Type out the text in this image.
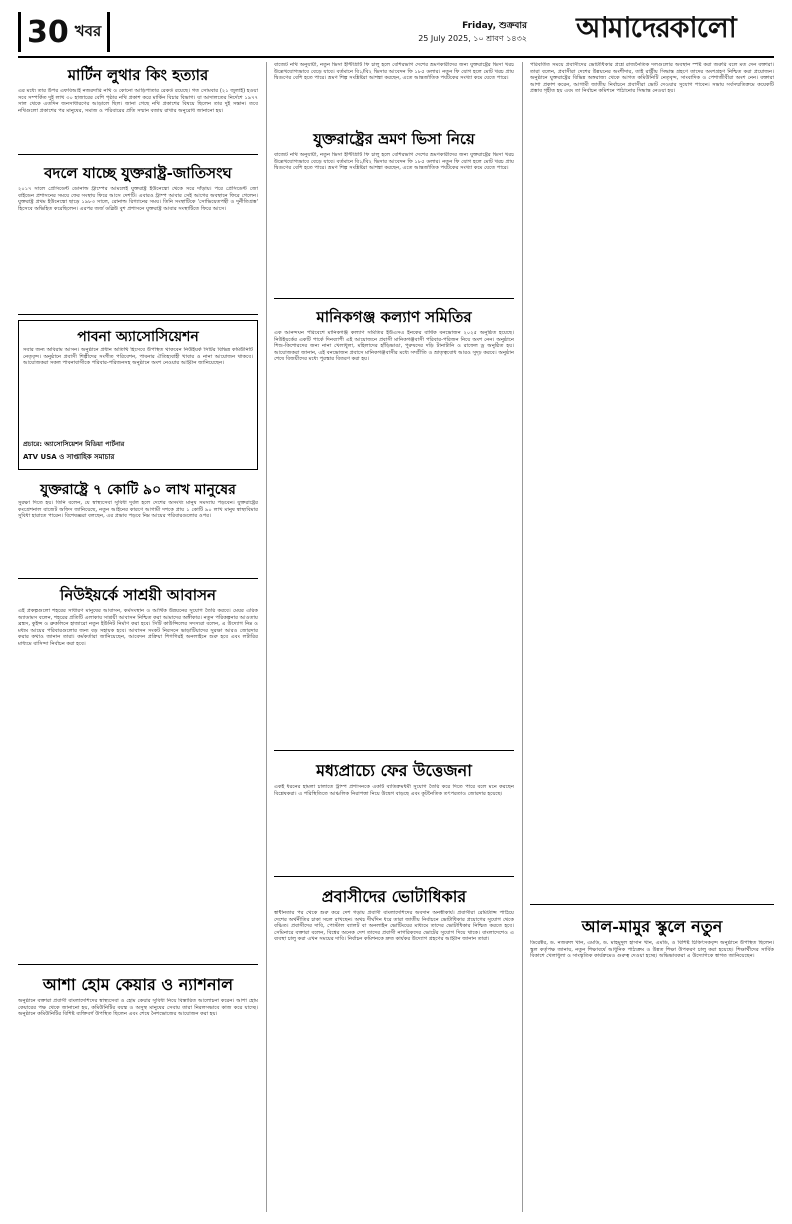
30 খবর	Friday, শুক্রবার
25 July 2025, ১০ শ্রাবণ ১৪৩২ আমাদেরকালো
মার্টিন লুথার কিং হত্যার
এর মধ্যে তার উপর এফবিআই নজরদারি নথি ও কোনো আড়িপাতার রেকর্ড রয়েছে। গত সোমবার (২১ জুলাই) হওয়া সবে সম্পর্কিত দুই লাখ ৩০ হাজারের বেশি পৃষ্ঠার নথি প্রকাশ করে মার্কিন বিচার বিভাগ। যা আদালতের নির্দেশে ১৯৭৭ সাল থেকে এতদিন জনসাধারণের আড়ালে ছিল। জানা গেছে নথি প্রকাশের বিষয়ে ছিলেন তার দুই সন্তান। তবে নথিগুলো প্রকাশের পর মানুষের, সমাজ ও পরিবারের প্রতি সম্মান বজায় রাখার অনুরোধ জানানো হয়।
বদলে যাচ্ছে যুক্তরাষ্ট্র-জাতিসংঘ
২০১৭ সালে প্রেসিডেন্ট ডোনাল্ড ট্রাম্পের আমলেই যুক্তরাষ্ট্র ইউনেস্কো থেকে সরে দাঁড়ায়। পরে প্রেসিডেন্ট জো বাইডেন প্রশাসনের সময়ে ফের সংস্থায় ফিরে আসে দেশটি। এবারও ট্রাম্প আবার সেই আগের অবস্থানে ফিরে গেলেন। যুক্তরাষ্ট্র প্রথম ইউনেস্কো ছাড়ে ১৯৮৩ সালে, রোনাল্ড রিগ্যানের সময়। তিনি সংস্থাটিকে 'সোভিয়েতপন্থী ও দুর্নীতিগ্রস্ত' হিসেবে অভিহিত করেছিলেন। এরপর জর্জ ডব্লিউ বুশ প্রশাসনে যুক্তরাষ্ট্র আবার সংস্থাটিতে ফিরে আসে।
পাবনা অ্যাসোসিয়েশন
সবার জন্য অবিরাম আসন। অনুষ্ঠানে প্রধান অতিথি হিসেবে উপস্থিত থাকবেন নিউইয়র্ক সিটির বিভিন্ন কমিউনিটি নেতৃবৃন্দ। অনুষ্ঠানে প্রবাসী শিল্পীদের সংগীত পরিবেশন, পাবনার ঐতিহ্যবাহী খাবার ও নানা আয়োজন থাকবে। আয়োজকরা সকল পাবনাবাসীকে পরিবার-পরিজনসহ অনুষ্ঠানে অংশ নেওয়ার আহ্বান জানিয়েছেন।
প্রচারে: অ্যাসোসিয়েশন মিডিয়া পার্টনার
ATV USA ও সাপ্তাহিক সমাচার
যুক্তরাষ্ট্রে ৭ কোটি ৯০ লাখ মানুষের
সুরক্ষা দিতে হয়। তিনি বলেন, যে স্বাস্থ্যসেবা সুবিধা দুর্বল হলে দেশের অসংখ্য মানুষ সমস্যায় পড়বেন। যুক্তরাষ্ট্রের কংগ্রেশনাল বাজেট অফিস জানিয়েছে, নতুন আইনের কারণে আগামী দশকে প্রায় ১ কোটি ৯০ লাখ মানুষ স্বাস্থ্যবিমার সুবিধা হারাতে পারেন। বিশেষজ্ঞরা বলছেন, এর প্রভাব পড়বে নিম্ন আয়ের পরিবারগুলোর ওপর।
নিউইয়র্কে সাশ্রয়ী আবাসন
এই প্রকল্পগুলো শহরের সাধারণ মানুষের আবাসন, কর্মসংস্থান ও আর্থিক উন্নয়নের সুযোগ তৈরি করবে। মেয়র এরিক অ্যাডামস বলেন, শহরের প্রতিটি এলাকায় সাশ্রয়ী আবাসন নিশ্চিত করা আমাদের অঙ্গীকার। নতুন পরিকল্পনার আওতায় ব্রঙ্কস, কুইন্স ও ব্রুকলিনে হাজারো নতুন ইউনিট নির্মাণ করা হবে। সিটি কাউন্সিলের সদস্যরা বলেন, এ উদ্যোগ নিম্ন ও মধ্যম আয়ের পরিবারগুলোর জন্য বড় সহায়ক হবে। আবাসন সংকট নিরসনে ভাড়াটিয়াদের সুরক্ষা আরও জোরদার করার কথাও জানান তারা। কর্মকর্তারা জানিয়েছেন, আবেদন প্রক্রিয়া শিগগিরই অনলাইনে শুরু হবে এবং লটারির মাধ্যমে বাসিন্দা নির্বাচন করা হবে।
আশা হোম কেয়ার ও ন্যাশনাল
অনুষ্ঠানে বক্তারা প্রবাসী বাংলাদেশিদের স্বাস্থ্যসেবা ও হোম কেয়ার সুবিধা নিয়ে বিস্তারিত আলোচনা করেন। আশা হোম কেয়ারের পক্ষ থেকে জানানো হয়, কমিউনিটির বয়স্ক ও অসুস্থ মানুষের সেবায় তারা নিরলসভাবে কাজ করে যাচ্ছে। অনুষ্ঠানে কমিউনিটির বিশিষ্ট ব্যক্তিবর্গ উপস্থিত ছিলেন এবং শেষে নৈশভোজের আয়োজন করা হয়।
বাজেট নথি অনুযায়ী, নতুন ভিসা ইন্টিগ্রিটি ফি চালু হলে বেশিরভাগ দেশের ভ্রমণকারীদের জন্য যুক্তরাষ্ট্রের ভিসা খরচ উল্লেখযোগ্যভাবে বেড়ে যাবে। বর্তমানে বি১/বি২ ভিসার আবেদন ফি ১৮৫ ডলার। নতুন ফি যোগ হলে মোট খরচ প্রায় দ্বিগুণের বেশি হতে পারে। ভ্রমণ শিল্প সংশ্লিষ্টরা আশঙ্কা করছেন, এতে আন্তর্জাতিক পর্যটকের সংখ্যা কমে যেতে পারে।
যুক্তরাষ্ট্রের ভ্রমণ ভিসা নিয়ে
বাজেট নথি অনুযায়ী, নতুন ভিসা ইন্টিগ্রিটি ফি চালু হলে বেশিরভাগ দেশের ভ্রমণকারীদের জন্য যুক্তরাষ্ট্রের ভিসা খরচ উল্লেখযোগ্যভাবে বেড়ে যাবে। বর্তমানে বি১/বি২ ভিসার আবেদন ফি ১৮৫ ডলার। নতুন ফি যোগ হলে মোট খরচ প্রায় দ্বিগুণের বেশি হতে পারে। ভ্রমণ শিল্প সংশ্লিষ্টরা আশঙ্কা করছেন, এতে আন্তর্জাতিক পর্যটকের সংখ্যা কমে যেতে পারে।
মানিকগঞ্জ কল্যাণ সমিতির
এক আনন্দঘন পরিবেশে মানিকগঞ্জ কল্যাণ সমিতির ইউএসএ ইনকের বার্ষিক বনভোজন ২০২৫ অনুষ্ঠিত হয়েছে। নিউইয়র্কের একটি পার্কে দিনব্যাপী এই আয়োজনে প্রবাসী মানিকগঞ্জবাসী পরিবার-পরিজন নিয়ে অংশ নেন। অনুষ্ঠানে শিশু-কিশোরদের জন্য নানা খেলাধুলা, মহিলাদের হাঁড়িভাঙা, পুরুষদের দড়ি টানাটানি ও রাফেল ড্র অনুষ্ঠিত হয়। আয়োজকরা জানান, এই বনভোজন প্রবাসে মানিকগঞ্জবাসীর মধ্যে সম্প্রীতি ও ভ্রাতৃত্ববোধ আরও সুদৃঢ় করবে। অনুষ্ঠান শেষে বিজয়ীদের মধ্যে পুরস্কার বিতরণ করা হয়।
মধ্যপ্রাচ্যে ফের উত্তেজনা
একই ধরনের হামলা চালাতে ট্রাম্প প্রশাসনকে একটি ব্যতিক্রমধর্মী সুযোগ তৈরি করে দিতে পারে বলে মনে করছেন বিশ্লেষকরা। এ পরিস্থিতিতে আঞ্চলিক নিরাপত্তা নিয়ে উদ্বেগ বাড়ছে এবং কূটনৈতিক তৎপরতাও জোরদার হয়েছে।
প্রবাসীদের ভোটাধিকার
স্বাধীনতার পর থেকে শুরু করে দেশ গড়ায় প্রবাসী বাংলাদেশিদের অবদান অনস্বীকার্য। প্রবাসীরা রেমিট্যান্স পাঠিয়ে দেশের অর্থনীতির চাকা সচল রাখছেন। অথচ দীর্ঘদিন ধরে তারা জাতীয় নির্বাচনে ভোটাধিকার প্রয়োগের সুযোগ থেকে বঞ্চিত। প্রবাসীদের দাবি, পোস্টাল ব্যালট বা অনলাইন ভোটিংয়ের মাধ্যমে তাদের ভোটাধিকার নিশ্চিত করতে হবে। সেমিনারে বক্তারা বলেন, বিশ্বের অনেক দেশ তাদের প্রবাসী নাগরিকদের ভোটের সুযোগ দিয়ে থাকে। বাংলাদেশেও এ ব্যবস্থা চালু করা এখন সময়ের দাবি। নির্বাচন কমিশনকে দ্রুত কার্যকর উদ্যোগ গ্রহণের আহ্বান জানান তারা।
পরিবর্তিত সময়ে প্রবাসীদের ভোটাধিকার প্রশ্নে রাজনৈতিক দলগুলোর অবস্থান স্পষ্ট করা জরুরি বলে মত দেন বক্তারা। তারা বলেন, প্রবাসীরা দেশের উন্নয়নের অংশীদার, তাই রাষ্ট্রীয় সিদ্ধান্ত গ্রহণে তাদের অংশগ্রহণ নিশ্চিত করা প্রয়োজন। অনুষ্ঠানে যুক্তরাষ্ট্রের বিভিন্ন অঙ্গরাজ্য থেকে আগত কমিউনিটি নেতৃবৃন্দ, সাংবাদিক ও পেশাজীবীরা অংশ নেন। বক্তারা আশা প্রকাশ করেন, আগামী জাতীয় নির্বাচনে প্রবাসীরা ভোট দেওয়ার সুযোগ পাবেন। সভায় সর্বসম্মতিক্রমে কয়েকটি প্রস্তাব গৃহীত হয় এবং তা নির্বাচন কমিশনে পাঠানোর সিদ্ধান্ত নেওয়া হয়।
আল-মামুর স্কুলে নতুন
ডিরেক্টর, ড. নজরুল খান, এমডি, ড. মাহমুদুল হাসান খান, এমডি, ও বিশিষ্ট চিকিৎসকবৃন্দ অনুষ্ঠানে উপস্থিত ছিলেন। স্কুল কর্তৃপক্ষ জানায়, নতুন শিক্ষাবর্ষে আধুনিক পাঠ্যক্রম ও উন্নত শিক্ষা উপকরণ চালু করা হয়েছে। শিক্ষার্থীদের সার্বিক বিকাশে খেলাধুলা ও সাংস্কৃতিক কার্যক্রমেও গুরুত্ব দেওয়া হচ্ছে। অভিভাবকরা এ উদ্যোগকে স্বাগত জানিয়েছেন।
